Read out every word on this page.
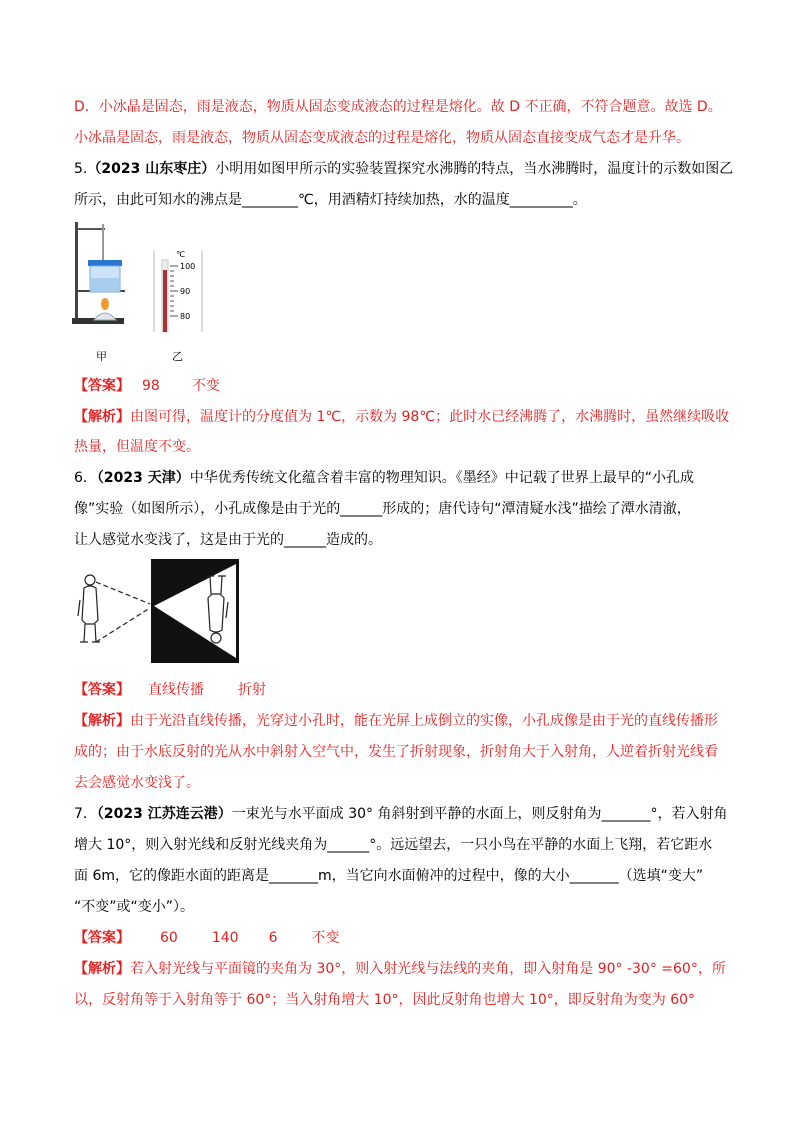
D．小冰晶是固态，雨是液态，物质从固态变成液态的过程是熔化。故 D 不正确，不符合题意。故选 D。
小冰晶是固态，雨是液态，物质从固态变成液态的过程是熔化，物质从固态直接变成气态才是升华。
5.（2023 山东枣庄）小明用如图甲所示的实验装置探究水沸腾的特点，当水沸腾时，温度计的示数如图乙
所示，由此可知水的沸点是________℃，用酒精灯持续加热，水的温度_________。
甲
℃
100
90
80
乙
【答案】 98 不变
【解析】由图可得，温度计的分度值为 1℃，示数为 98℃；此时水已经沸腾了，水沸腾时，虽然继续吸收
热量，但温度不变。
6．（2023 天津）中华优秀传统文化蕴含着丰富的物理知识。《墨经》中记载了世界上最早的“小孔成
像”实验（如图所示），小孔成像是由于光的______形成的；唐代诗句“潭清疑水浅”描绘了潭水清澈，
让人感觉水变浅了，这是由于光的______造成的。
【答案】 直线传播 折射
【解析】由于光沿直线传播，光穿过小孔时，能在光屏上成倒立的实像，小孔成像是由于光的直线传播形
成的；由于水底反射的光从水中斜射入空气中，发生了折射现象，折射角大于入射角，人逆着折射光线看
去会感觉水变浅了。
7．（2023 江苏连云港）一束光与水平面成 30° 角斜射到平静的水面上，则反射角为_______°，若入射角
增大 10°，则入射光线和反射光线夹角为______°。远远望去，一只小鸟在平静的水面上飞翔，若它距水
面 6m，它的像距水面的距离是_______m，当它向水面俯冲的过程中，像的大小_______（选填“变大”
“不变”或“变小”）。
【答案】 60 140 6 不变
【解析】若入射光线与平面镜的夹角为 30°，则入射光线与法线的夹角，即入射角是 90° -30° =60°，所
以，反射角等于入射角等于 60°；当入射角增大 10°，因此反射角也增大 10°，即反射角为变为 60°
